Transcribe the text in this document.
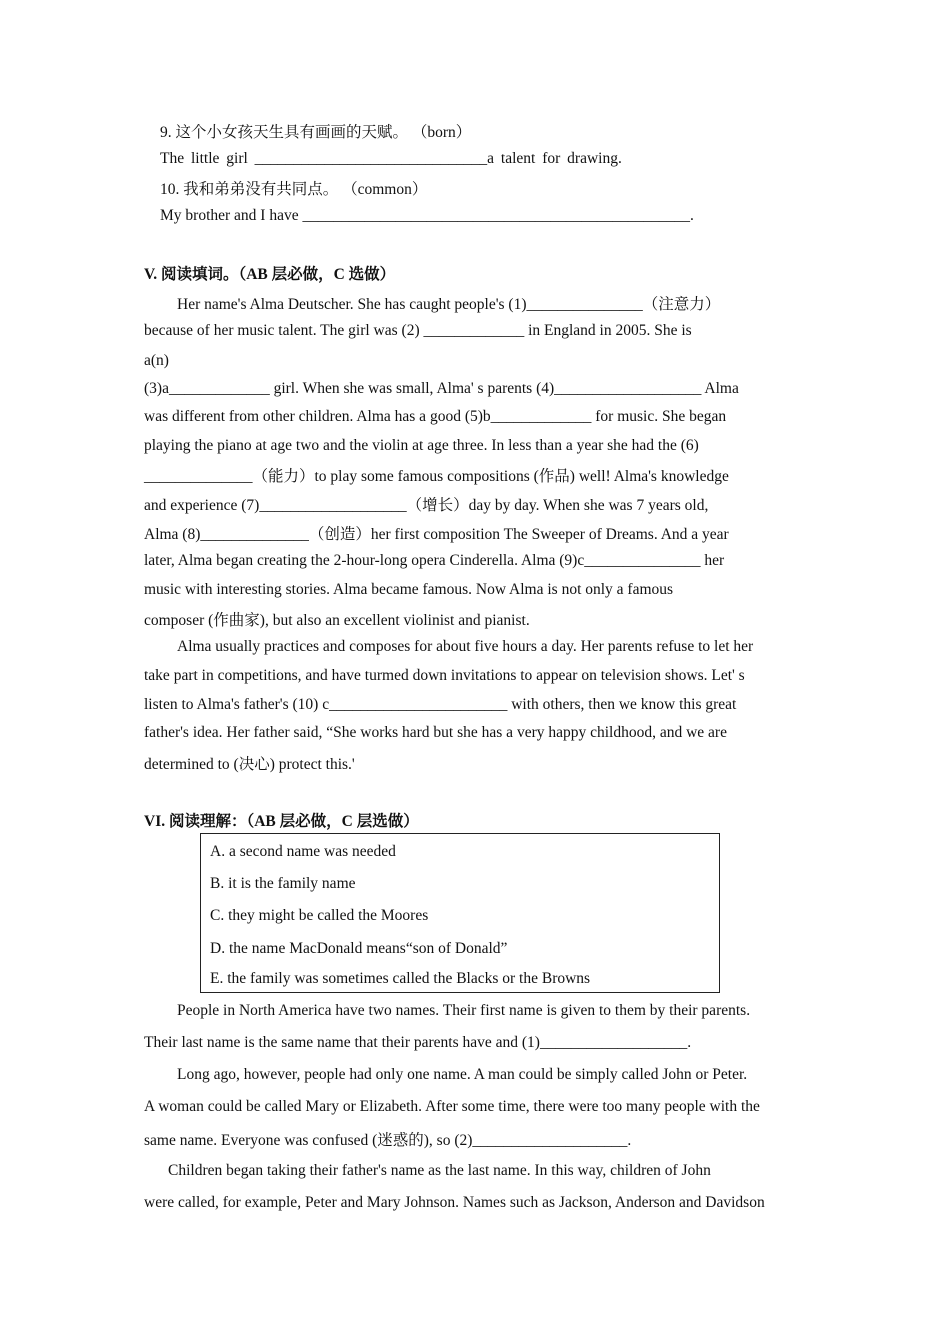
9. 这个小女孩天生具有画画的天赋。 （born）
The little girl ______________________________a talent for drawing.
10. 我和弟弟没有共同点。 （common）
My brother and I have __________________________________________________.
V. 阅读填词。（AB 层必做，C 选做）
Her name's Alma Deutscher. She has caught people's (1)_______________（注意力）
because of her music talent. The girl was (2) _____________ in England in 2005. She is
a(n)
(3)a_____________ girl. When she was small, Alma' s parents (4)___________________ Alma
was different from other children. Alma has a good (5)b_____________ for music. She began
playing the piano at age two and the violin at age three. In less than a year she had the (6)
______________（能力）to play some famous compositions (作品) well! Alma's knowledge
and experience (7)___________________（增长）day by day. When she was 7 years old,
Alma (8)______________（创造）her first composition The Sweeper of Dreams. And a year
later, Alma began creating the 2-hour-long opera Cinderella. Alma (9)c_______________ her
music with interesting stories. Alma became famous. Now Alma is not only a famous
composer (作曲家), but also an excellent violinist and pianist.
Alma usually practices and composes for about five hours a day. Her parents refuse to let her
take part in competitions, and have turmed down invitations to appear on television shows. Let' s
listen to Alma's father's (10) c_______________________ with others, then we know this great
father's idea. Her father said, “She works hard but she has a very happy childhood, and we are
determined to (决心) protect this.'
VI. 阅读理解：（AB 层必做，C 层选做）
A. a second name was needed
B. it is the family name
C. they might be called the Moores
D. the name MacDonald means“son of Donald”
E. the family was sometimes called the Blacks or the Browns
People in North America have two names. Their first name is given to them by their parents.
Their last name is the same name that their parents have and (1)___________________.
Long ago, however, people had only one name. A man could be simply called John or Peter.
A woman could be called Mary or Elizabeth. After some time, there were too many people with the
same name. Everyone was confused (迷惑的), so (2)____________________.
Children began taking their father's name as the last name. In this way, children of John
were called, for example, Peter and Mary Johnson. Names such as Jackson, Anderson and Davidson
